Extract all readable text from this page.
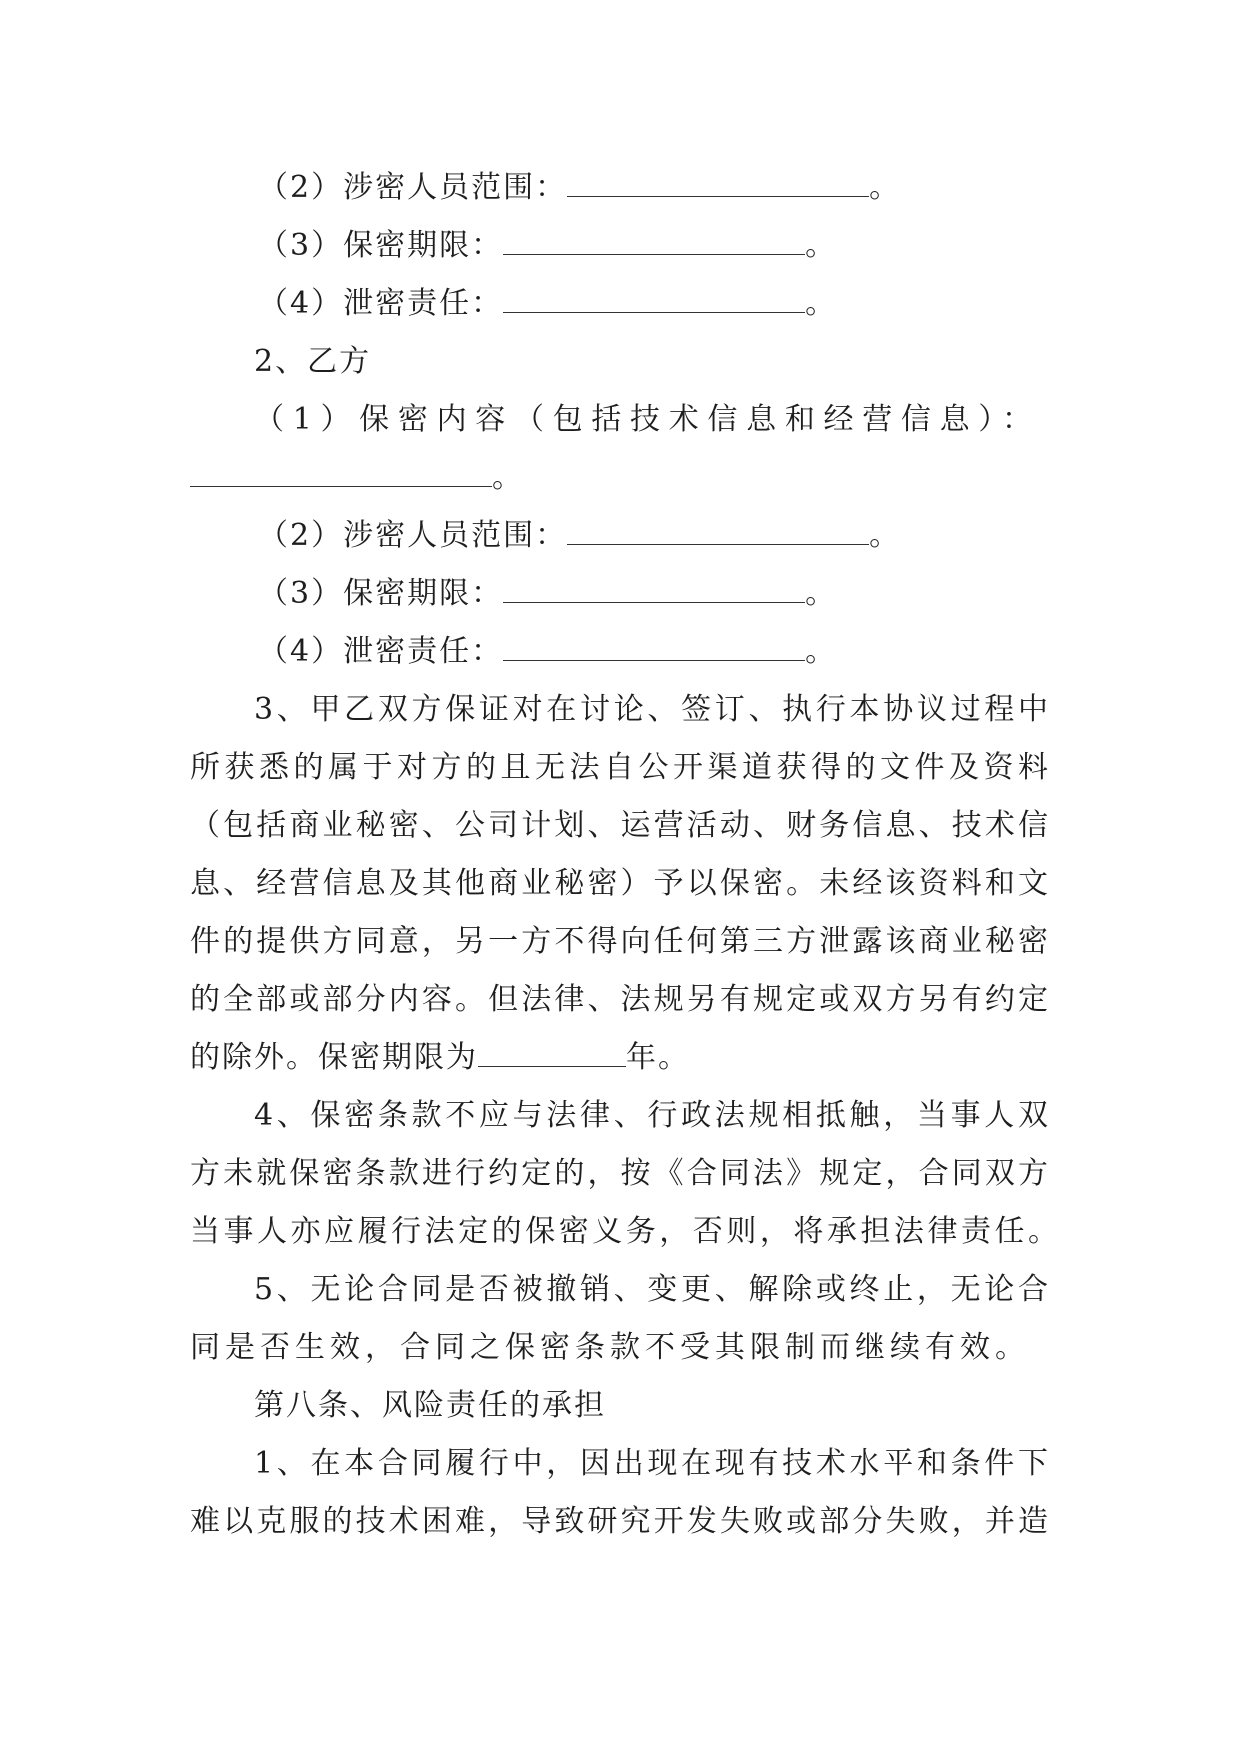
（2）涉密人员范围：	。
（3）保密期限：	。
（4）泄密责任：	。
2、乙方
（1）保密内容（包括技术信息和经营信息）：
。
（2）涉密人员范围：	。
（3）保密期限：	。
（4）泄密责任：	。
3、甲乙双方保证对在讨论、签订、执行本协议过程中
所获悉的属于对方的且无法自公开渠道获得的文件及资料
（包括商业秘密、公司计划、运营活动、财务信息、技术信
息、经营信息及其他商业秘密）予以保密。未经该资料和文
件的提供方同意，另一方不得向任何第三方泄露该商业秘密
的全部或部分内容。但法律、法规另有规定或双方另有约定
的除外。保密期限为	年。
4、保密条款不应与法律、行政法规相抵触，当事人双
方未就保密条款进行约定的，按《合同法》规定，合同双方
当事人亦应履行法定的保密义务，否则，将承担法律责任。
5、无论合同是否被撤销、变更、解除或终止，无论合
同是否生效，合同之保密条款不受其限制而继续有效。
第八条、风险责任的承担
1、在本合同履行中，因出现在现有技术水平和条件下
难以克服的技术困难，导致研究开发失败或部分失败，并造
